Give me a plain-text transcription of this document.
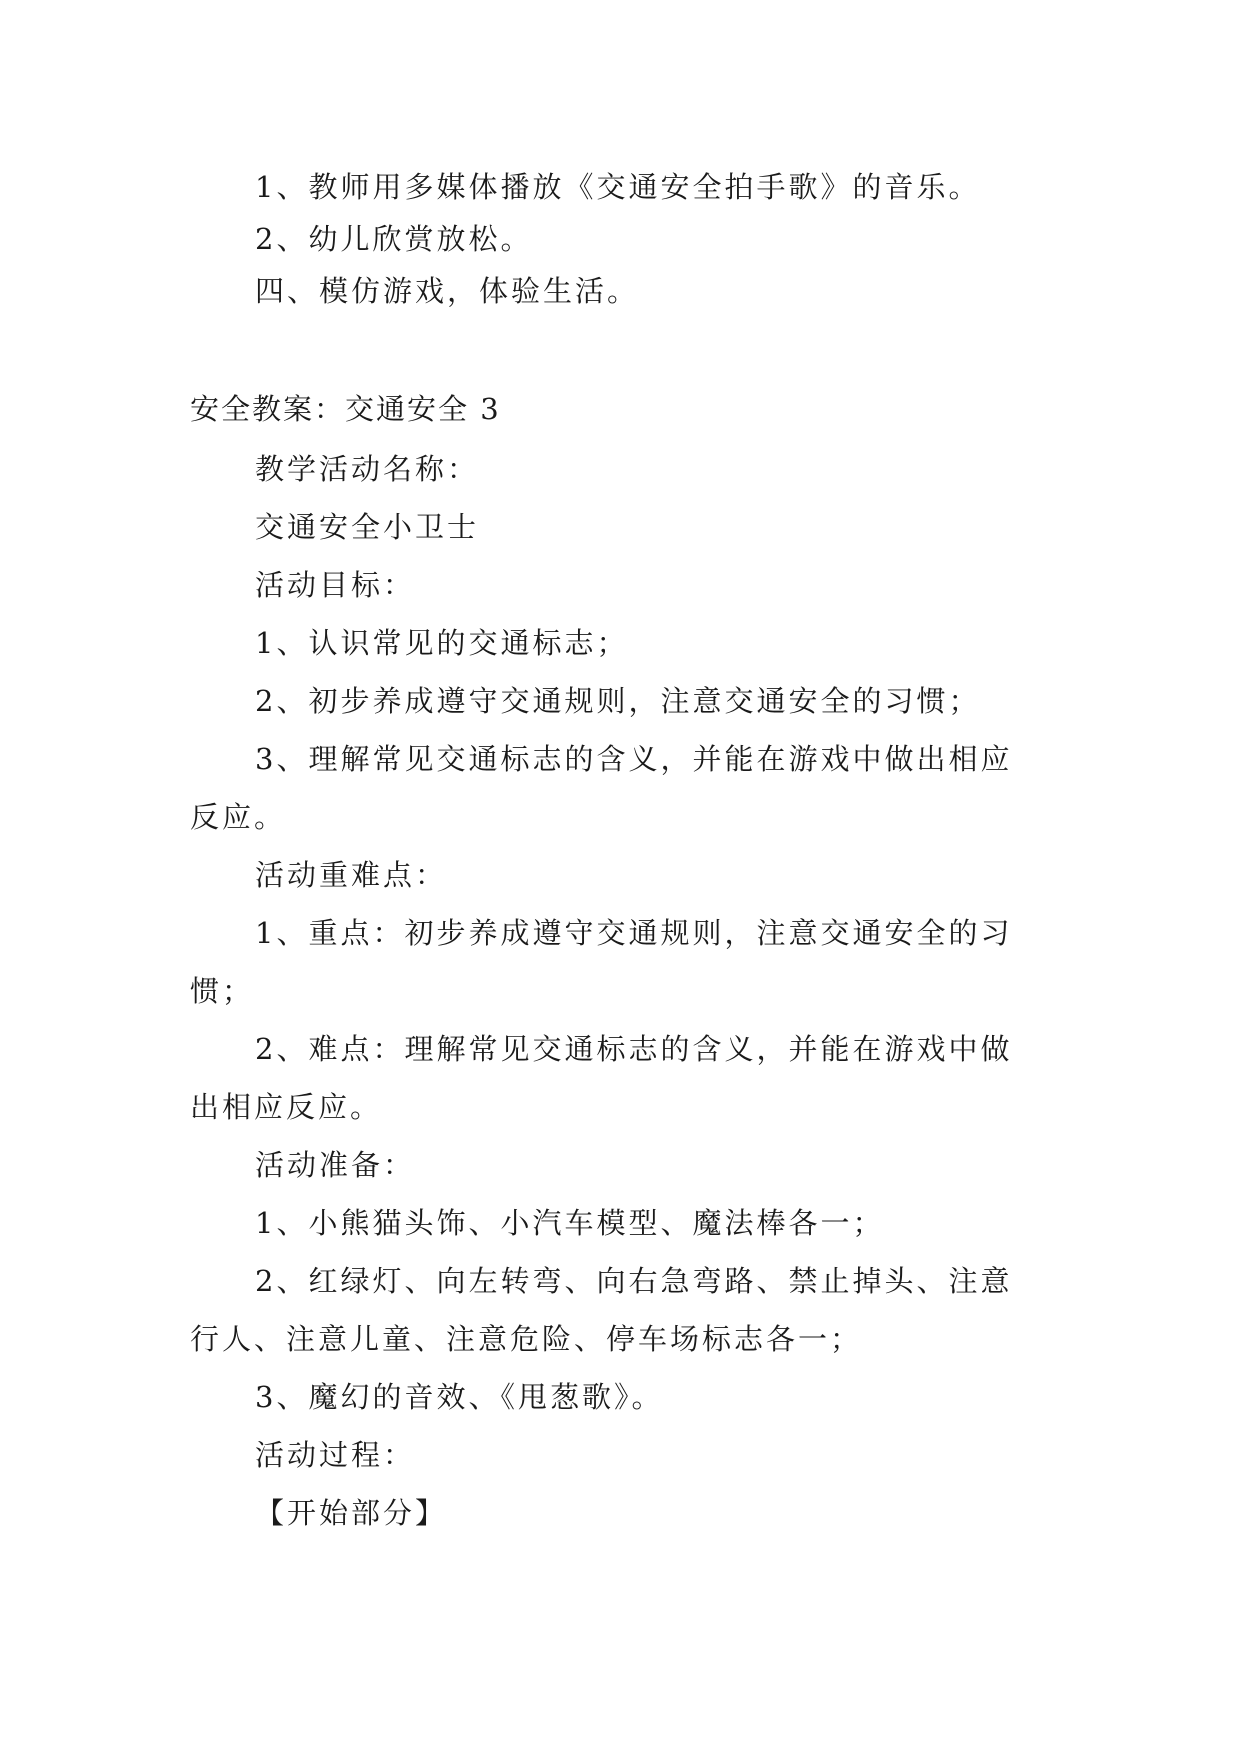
1、教师用多媒体播放《交通安全拍手歌》的音乐。
2、幼儿欣赏放松。
四、模仿游戏，体验生活。
安全教案：交通安全 3
教学活动名称：
交通安全小卫士
活动目标：
1、认识常见的交通标志；
2、初步养成遵守交通规则，注意交通安全的习惯；
3、理解常见交通标志的含义，并能在游戏中做出相应
反应。
活动重难点：
1、重点：初步养成遵守交通规则，注意交通安全的习
惯；
2、难点：理解常见交通标志的含义，并能在游戏中做
出相应反应。
活动准备：
1、小熊猫头饰、小汽车模型、魔法棒各一；
2、红绿灯、向左转弯、向右急弯路、禁止掉头、注意
行人、注意儿童、注意危险、停车场标志各一；
3、魔幻的音效、《甩葱歌》。
活动过程：
【开始部分】
